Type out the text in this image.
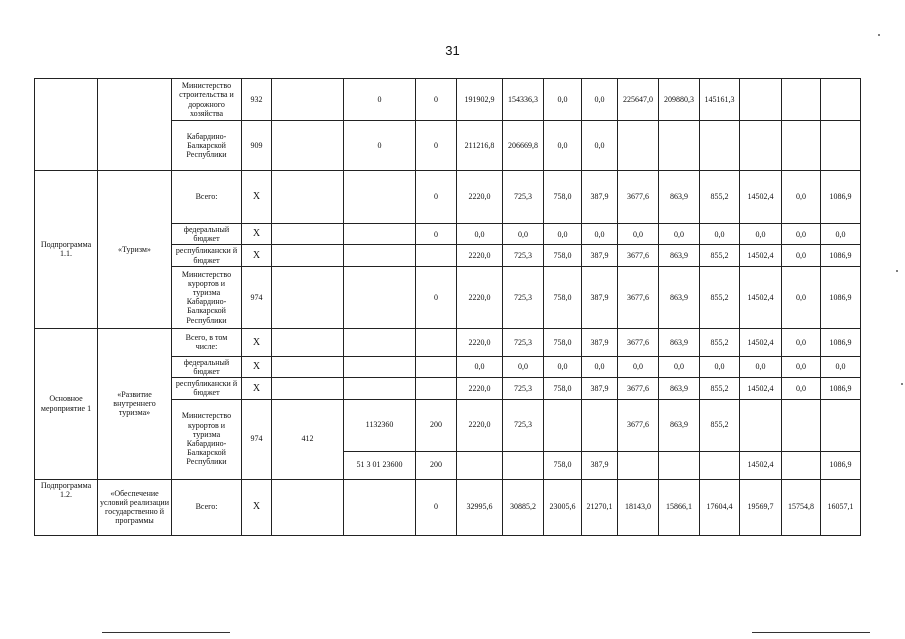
31
		Министерство строительства и дорожного хозяйства	932		0	0	191902,9	154336,3	0,0	0,0	225647,0	209880,3	145161,3			
		Кабардино-Балкарской Республики	909		0	0	211216,8	206669,8	0,0	0,0						
Подпрограмма 1.1.	«Туризм»	Всего:	X			0	2220,0	725,3	758,0	387,9	3677,6	863,9	855,2	14502,4	0,0	1086,9
		федеральный бюджет	X			0	0,0	0,0	0,0	0,0	0,0	0,0	0,0	0,0	0,0	0,0
		республикански й бюджет	X				2220,0	725,3	758,0	387,9	3677,6	863,9	855,2	14502,4	0,0	1086,9
		Министерство курортов и туризма Кабардино-Балкарской Республики	974			0	2220,0	725,3	758,0	387,9	3677,6	863,9	855,2	14502,4	0,0	1086,9
Основное мероприятие 1	«Развитие внутреннего туризма»	Всего, в том числе:	X				2220,0	725,3	758,0	387,9	3677,6	863,9	855,2	14502,4	0,0	1086,9
		федеральный бюджет	X				0,0	0,0	0,0	0,0	0,0	0,0	0,0	0,0	0,0	0,0
		республикански й бюджет	X				2220,0	725,3	758,0	387,9	3677,6	863,9	855,2	14502,4	0,0	1086,9
		Министерство курортов и туризма Кабардино-Балкарской Республики	974	412	1132360	200	2220,0	725,3			3677,6	863,9	855,2			
					51 3 01 23600	200			758,0	387,9				14502,4		1086,9
Подпрограмма 1.2.	«Обеспечение условий реализации государственно й программы	Всего:	X			0	32995,6	30885,2	23005,6	21270,1	18143,0	15866,1	17604,4	19569,7	15754,8	16057,1
